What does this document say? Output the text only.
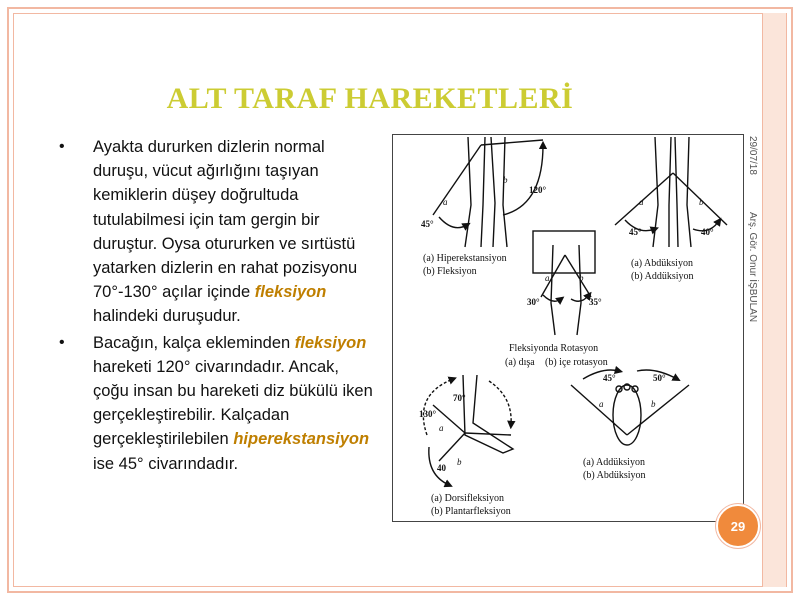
ALT TARAF HAREKETLERİ
• Ayakta dururken dizlerin normal duruşu, vücut ağırlığını taşıyan kemiklerin düşey doğrultuda tutulabilmesi için tam gergin bir duruştur. Oysa otururken ve sırtüstü yatarken dizlerin en rahat pozisyonu 70°-130° açılar içinde fleksiyon halindeki duruşudur.
• Bacağın, kalça ekleminden fleksiyon hareketi 120° civarındadır. Ancak, çoğu insan bu hareketi diz bükülü iken gerçekleştirebilir. Kalçadan gerçekleştirilebilen hiperekstansiyon ise 45° civarındadır.
a
b
45°
120°
(a) Hiperekstansiyon
(b) Fleksiyon
a	b
45°	40°
(a) Abdüksiyon
(b) Addüksiyon
a	b
30°	35°
Fleksiyonda Rotasyon
(a) dışa (b) içe rotasyon
70°
130°
40
a
b
(a) Dorsifleksiyon
(b) Plantarfleksiyon
45°	50°
a	b
(a) Addüksiyon
(b) Abdüksiyon
29/07/18
Arş. Gör. Onur İŞBULAN
29
